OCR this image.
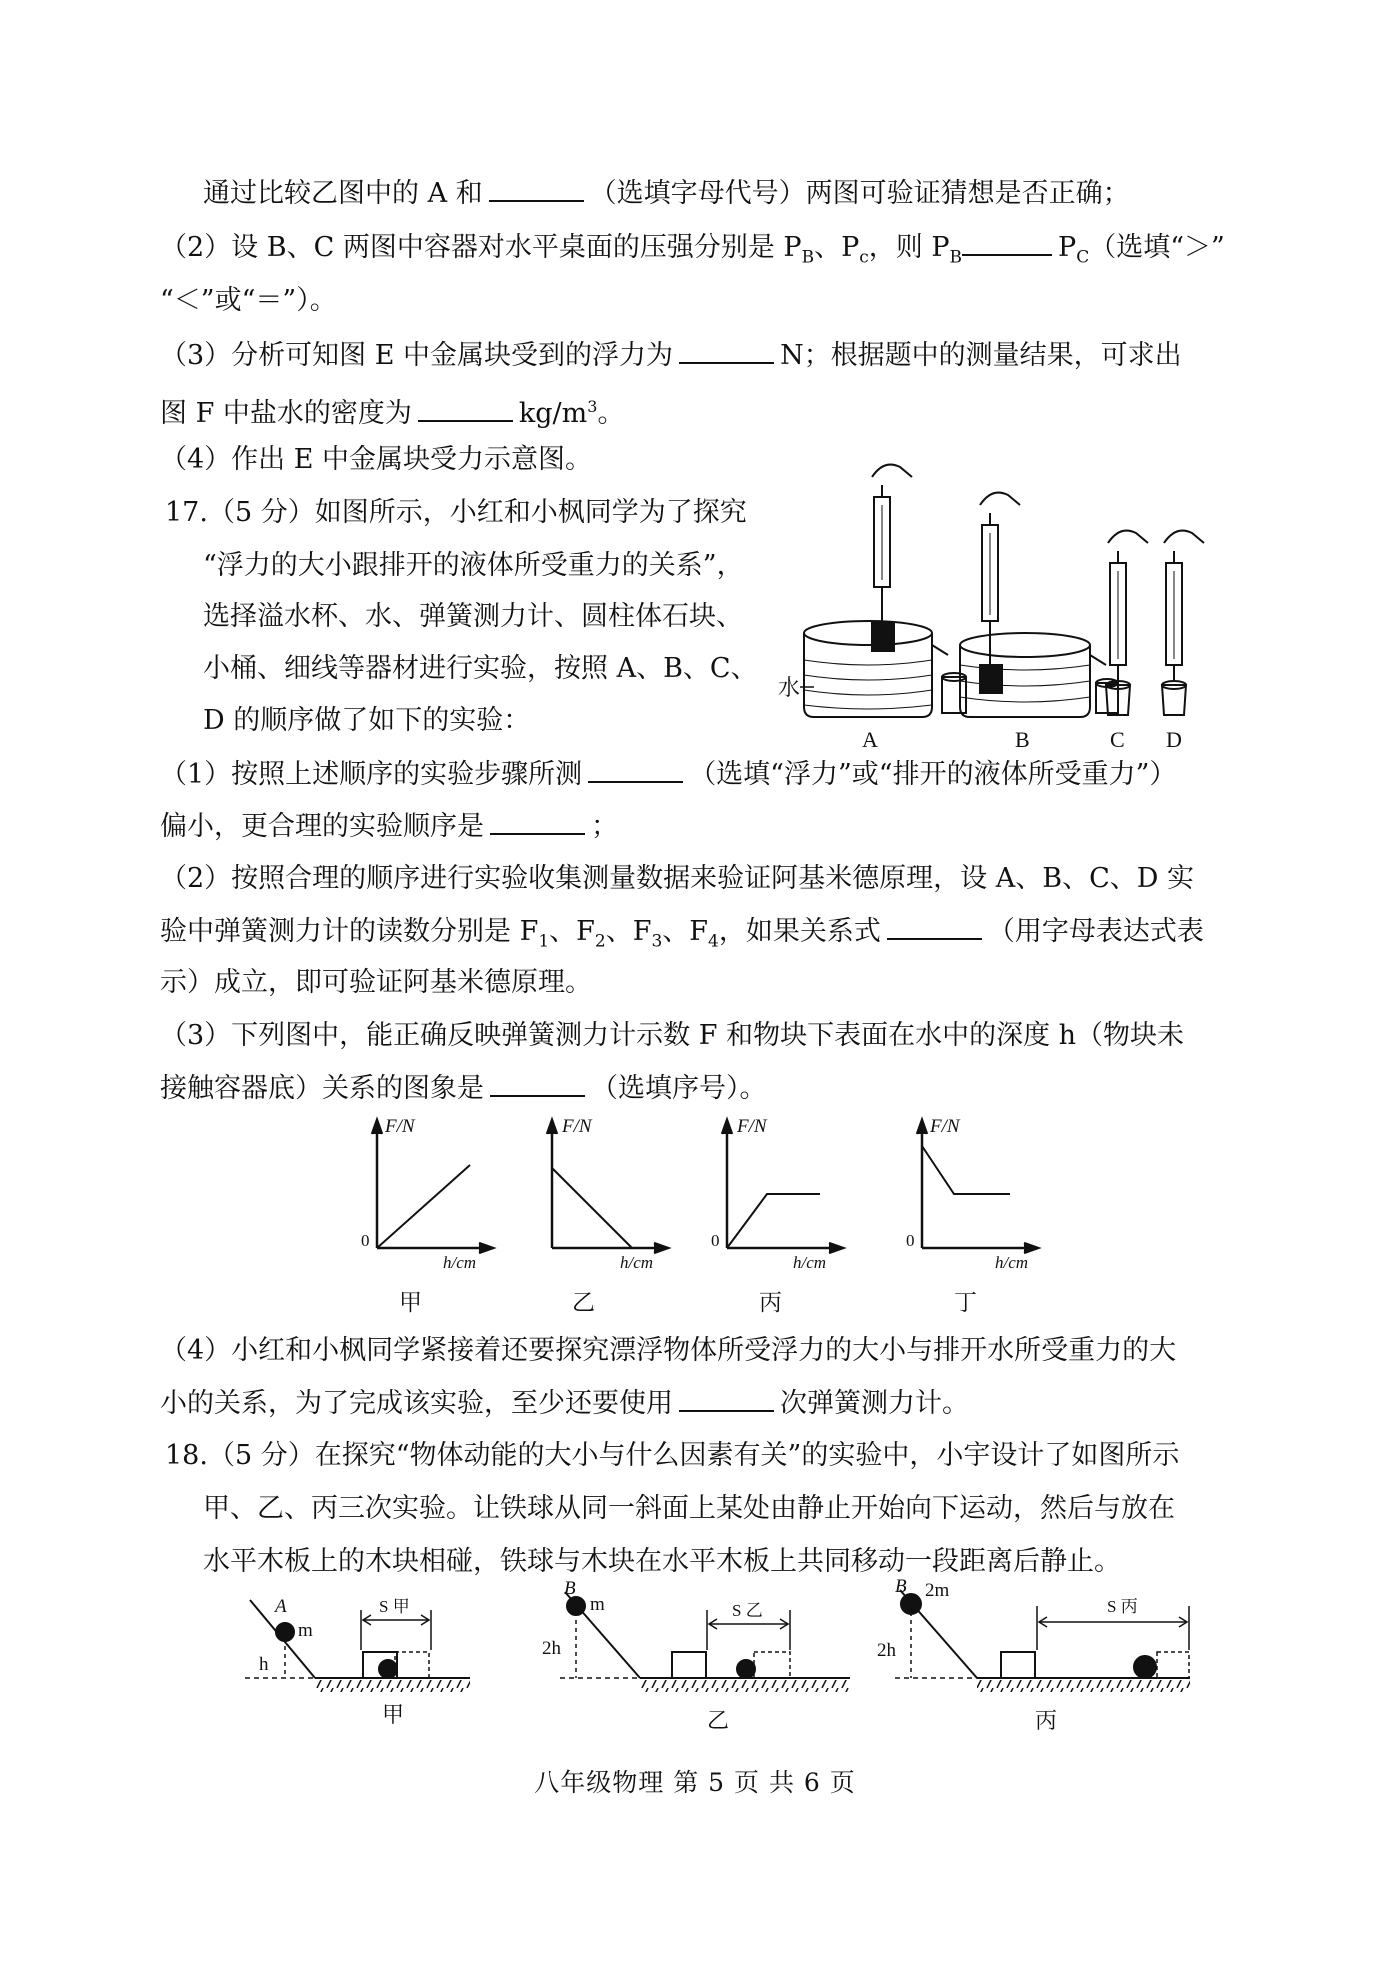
通过比较乙图中的 A 和	（选填字母代号）两图可验证猜想是否正确；
（2）设 B、C 两图中容器对水平桌面的压强分别是 $P_B$、$P_c$，则 $P_B$	$P_C$（选填“＞”
“＜”或“＝”）。
（3）分析可知图 E 中金属块受到的浮力为	N；根据题中的测量结果，可求出
图 F 中盐水的密度为	$kg/m^3$。
（4）作出 E 中金属块受力示意图。
17.（5 分）如图所示，小红和小枫同学为了探究
“浮力的大小跟排开的液体所受重力的关系”，
选择溢水杯、水、弹簧测力计、圆柱体石块、
小桶、细线等器材进行实验，按照 A、B、C、
D 的顺序做了如下的实验：
水
A	B	C D
（1）按照上述顺序的实验步骤所测	（选填“浮力”或“排开的液体所受重力”）
偏小，更合理的实验顺序是	；
（2）按照合理的顺序进行实验收集测量数据来验证阿基米德原理，设 A、B、C、D 实
验中弹簧测力计的读数分别是 $F_1$、$F_2$、$F_3$、$F_4$，如果关系式	（用字母表达式表
示）成立，即可验证阿基米德原理。
（3）下列图中，能正确反映弹簧测力计示数 F 和物块下表面在水中的深度 h（物块未
接触容器底）关系的图象是	（选填序号）。
F/N
0
h/cm
甲
F/N
h/cm
乙
F/N
0
h/cm
丙
F/N
0
h/cm
丁
（4）小红和小枫同学紧接着还要探究漂浮物体所受浮力的大小与排开水所受重力的大
小的关系，为了完成该实验，至少还要使用	次弹簧测力计。
18.（5 分）在探究“物体动能的大小与什么因素有关”的实验中，小宇设计了如图所示
甲、乙、丙三次实验。让铁球从同一斜面上某处由静止开始向下运动，然后与放在
水平木板上的木块相碰，铁球与木块在水平木板上共同移动一段距离后静止。
A
m
h
S 甲
甲
B
m
2h
S 乙
乙
B 2m
2h
S 丙
丙
八年级物理 第 5 页 共 6 页
